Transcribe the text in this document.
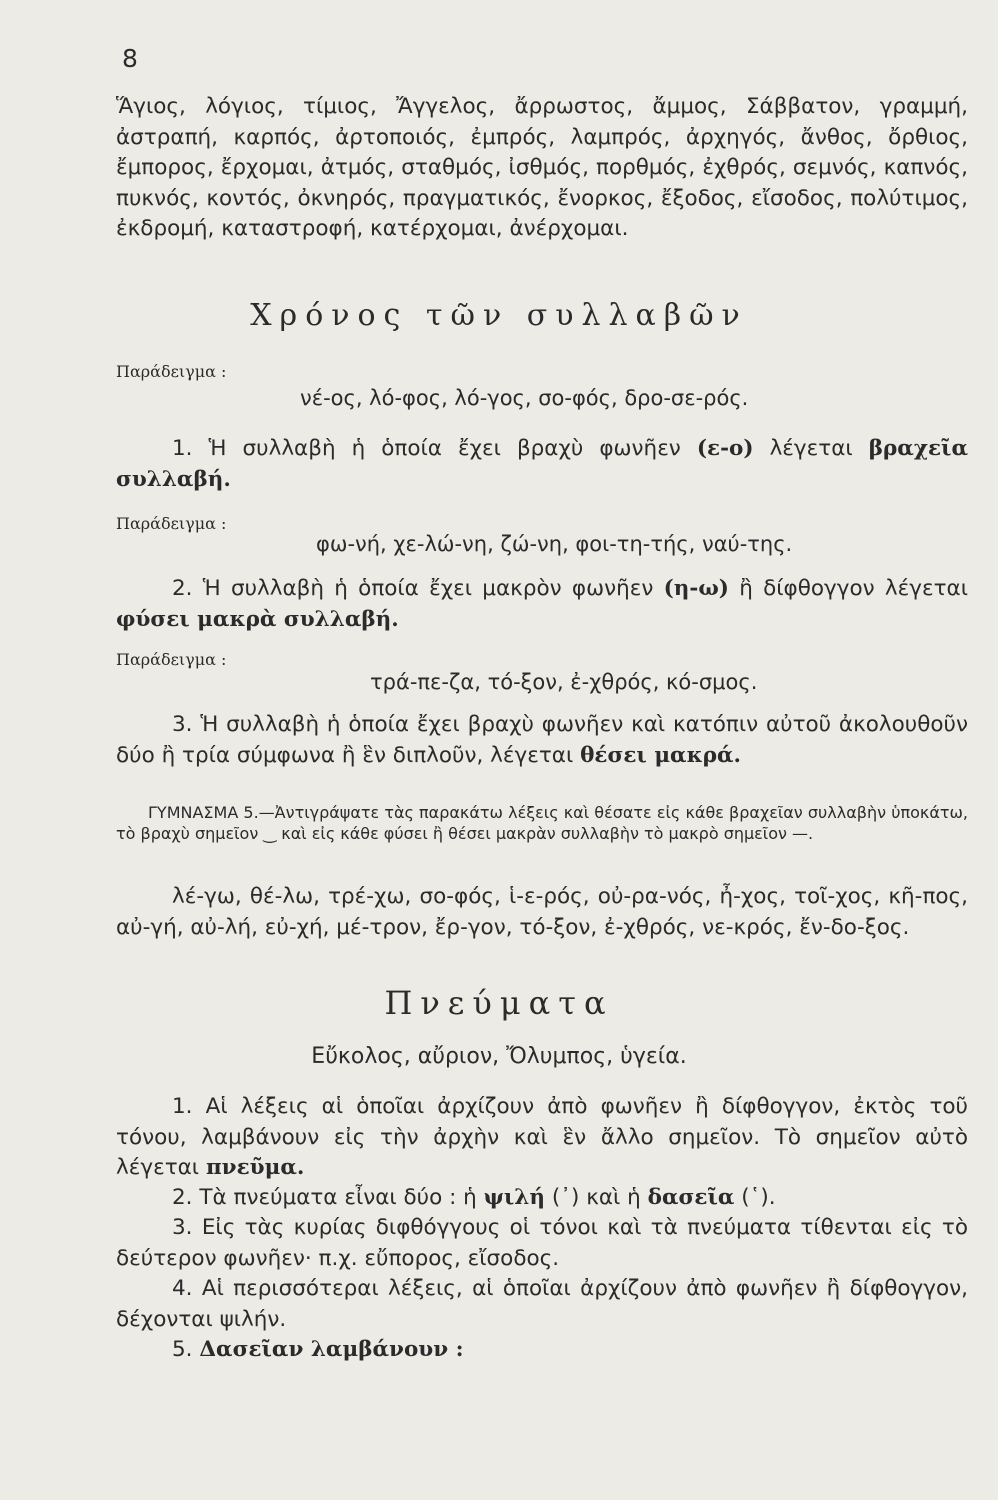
8

Ἅγιος, λόγιος, τίμιος, Ἄγγελος, ἄρρωστος, ἄμμος, Σάββατον, γραμμή, ἀστραπή, καρπός, ἀρτοποιός, ἐμπρός, λαμπρός, ἀρχηγός, ἄνθος, ὄρθιος, ἔμπορος, ἔρχομαι, ἀτμός, σταθμός, ἰσθμός, πορθμός, ἐχθρός, σεμνός, καπνός, πυκνός, κοντός, ὀκνηρός, πραγματικός, ἔνορκος, ἔξοδος, εἴσοδος, πολύτιμος, ἐκδρομή, καταστροφή, κατέρχομαι, ἀνέρχομαι.

Χρόνος τῶν συλλαβῶν
Παράδειγμα :
νέ-ος, λό-φος, λό-γος, σο-φός, δρο-σε-ρός.

1. Ἡ συλλαβὴ ἡ ὁποία ἔχει βραχὺ φωνῆεν (ε-ο) λέγεται βραχεῖα συλλαβή.

Παράδειγμα :
φω-νή, χε-λώ-νη, ζώ-νη, φοι-τη-τής, ναύ-της.

2. Ἡ συλλαβὴ ἡ ὁποία ἔχει μακρὸν φωνῆεν (η-ω) ἢ δίφθογγον λέγεται φύσει μακρὰ συλλαβή.

Παράδειγμα :
τρά-πε-ζα, τό-ξον, ἐ-χθρός, κό-σμος.

3. Ἡ συλλαβὴ ἡ ὁποία ἔχει βραχὺ φωνῆεν καὶ κατόπιν αὐτοῦ ἀκολουθοῦν δύο ἢ τρία σύμφωνα ἢ ἓν διπλοῦν, λέγεται θέσει μακρά.

ΓΥΜΝΑΣΜΑ 5.—Ἀντιγράψατε τὰς παρακάτω λέξεις καὶ θέσατε εἰς κάθε βραχεῖαν συλλαβὴν ὑποκάτω, τὸ βραχὺ σημεῖον ‿ καὶ εἰς κάθε φύσει ἢ θέσει μακρὰν συλλαβὴν τὸ μακρὸ σημεῖον —.

λέ-γω, θέ-λω, τρέ-χω, σο-φός, ἱ-ε-ρός, οὐ-ρα-νός, ἦ-χος, τοῖ-χος, κῆ-πος, αὐ-γή, αὐ-λή, εὐ-χή, μέ-τρον, ἔρ-γον, τό-ξον, ἐ-χθρός, νε-κρός, ἔν-δο-ξος.

Πνεύματα
Εὔκολος, αὔριον, Ὄλυμπος, ὑγεία.

1. Αἱ λέξεις αἱ ὁποῖαι ἀρχίζουν ἀπὸ φωνῆεν ἢ δίφθογγον, ἐκτὸς τοῦ τόνου, λαμβάνουν εἰς τὴν ἀρχὴν καὶ ἓν ἄλλο σημεῖον. Τὸ σημεῖον αὐτὸ λέγεται πνεῦμα.

2. Τὰ πνεύματα εἶναι δύο : ἡ ψιλή (᾿) καὶ ἡ δασεῖα (῾).

3. Εἰς τὰς κυρίας διφθόγγους οἱ τόνοι καὶ τὰ πνεύματα τίθενται εἰς τὸ δεύτερον φωνῆεν· π.χ. εὔπορος, εἴσοδος.

4. Αἱ περισσότεραι λέξεις, αἱ ὁποῖαι ἀρχίζουν ἀπὸ φωνῆεν ἢ δίφθογγον, δέχονται ψιλήν.

5. Δασεῖαν λαμβάνουν :
